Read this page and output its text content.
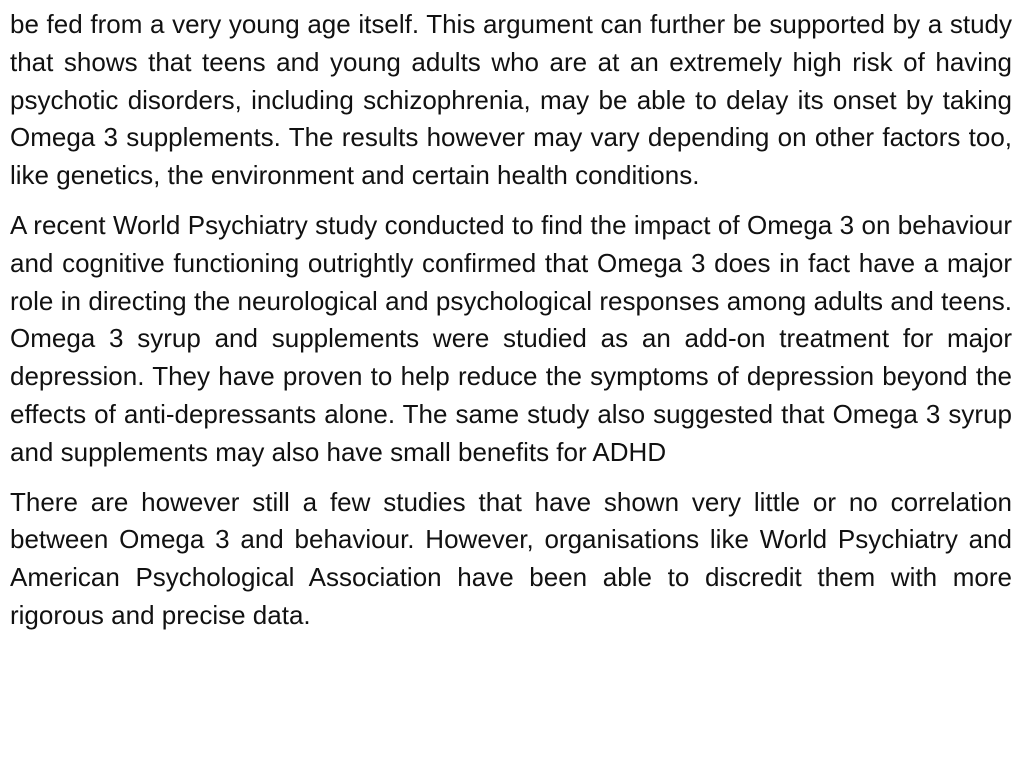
be fed from a very young age itself. This argument can further be supported by a study that shows that teens and young adults who are at an extremely high risk of having psychotic disorders, including schizophrenia, may be able to delay its onset by taking Omega 3 supplements. The results however may vary depending on other factors too, like genetics, the environment and certain health conditions.

A recent World Psychiatry study conducted to find the impact of Omega 3 on behaviour and cognitive functioning outrightly confirmed that Omega 3 does in fact have a major role in directing the neurological and psychological responses among adults and teens. Omega 3 syrup and supplements were studied as an add-on treatment for major depression. They have proven to help reduce the symptoms of depression beyond the effects of anti-depressants alone. The same study also suggested that Omega 3 syrup and supplements may also have small benefits for ADHD

There are however still a few studies that have shown very little or no correlation between Omega 3 and behaviour. However, organisations like World Psychiatry and American Psychological Association have been able to discredit them with more rigorous and precise data.
